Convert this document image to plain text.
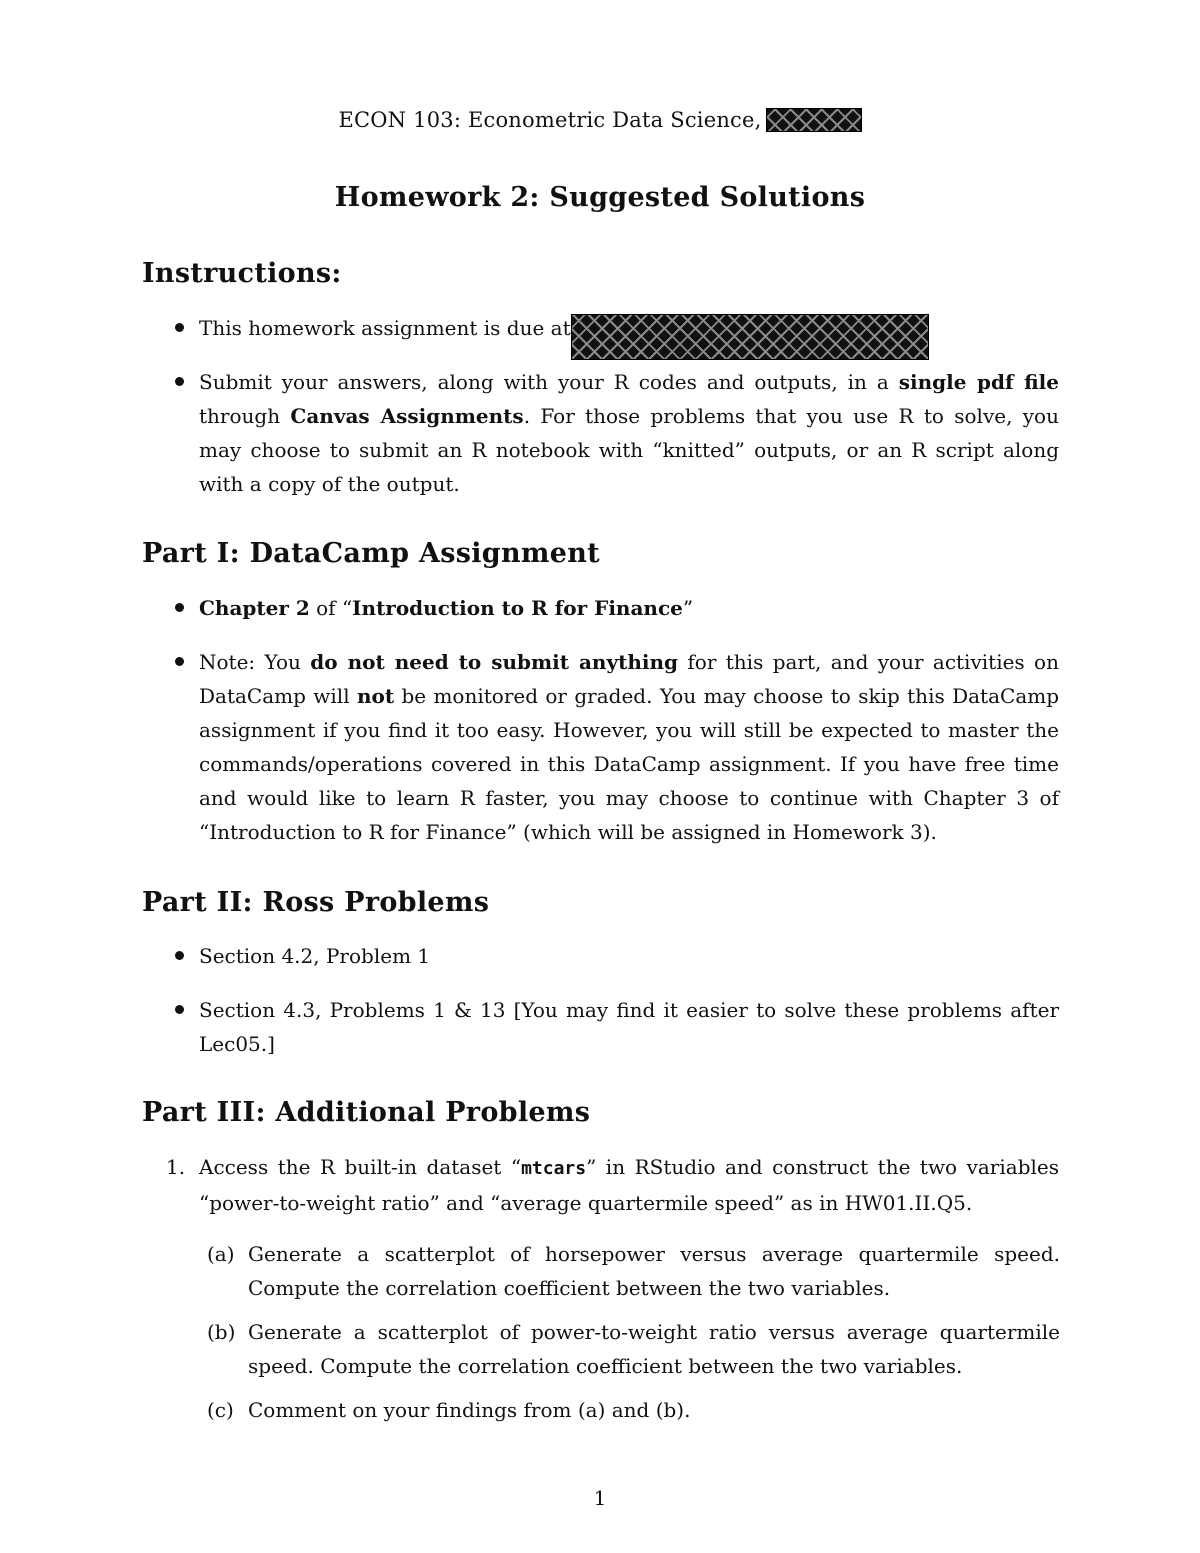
ECON 103: Econometric Data Science,
Homework 2: Suggested Solutions
Instructions:
This homework assignment is due at
Submit your answers, along with your R codes and outputs, in a single pdf file through Canvas Assignments. For those problems that you use R to solve, you may choose to submit an R notebook with “knitted” outputs, or an R script along with a copy of the output.
Part I: DataCamp Assignment
Chapter 2 of “Introduction to R for Finance”
Note: You do not need to submit anything for this part, and your activities on DataCamp will not be monitored or graded. You may choose to skip this DataCamp assignment if you find it too easy. However, you will still be expected to master the commands/operations covered in this DataCamp assignment. If you have free time and would like to learn R faster, you may choose to continue with Chapter 3 of “Introduction to R for Finance” (which will be assigned in Homework 3).
Part II: Ross Problems
Section 4.2, Problem 1
Section 4.3, Problems 1 & 13 [You may find it easier to solve these problems after Lec05.]
Part III: Additional Problems
1. Access the R built-in dataset “mtcars” in RStudio and construct the two variables “power-to-weight ratio” and “average quartermile speed” as in HW01.II.Q5.
(a) Generate a scatterplot of horsepower versus average quartermile speed. Compute the correlation coefficient between the two variables.
(b) Generate a scatterplot of power-to-weight ratio versus average quartermile speed. Compute the correlation coefficient between the two variables.
(c) Comment on your findings from (a) and (b).
1
